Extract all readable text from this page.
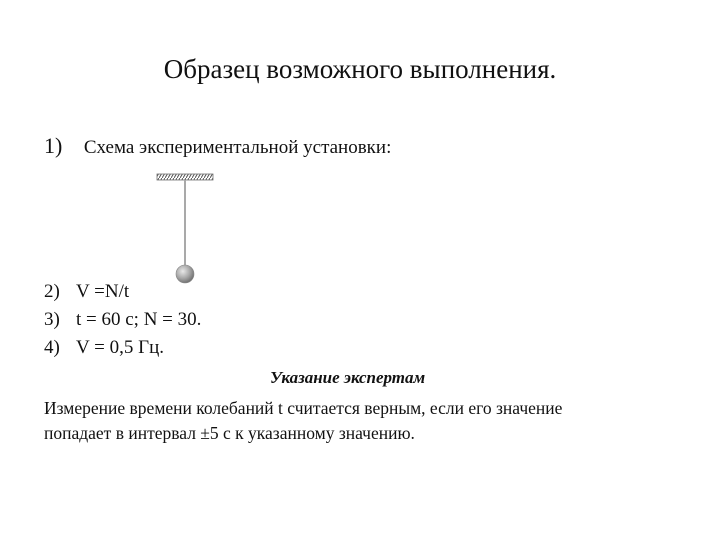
Образец возможного выполнения.
1) Схема экспериментальной установки:
2) V =N/t
3) t = 60 с; N = 30.
4) V = 0,5 Гц.
Указание экспертам
Измерение времени колебаний t считается верным, если его значение
попадает в интервал ±5 с к указанному значению.
